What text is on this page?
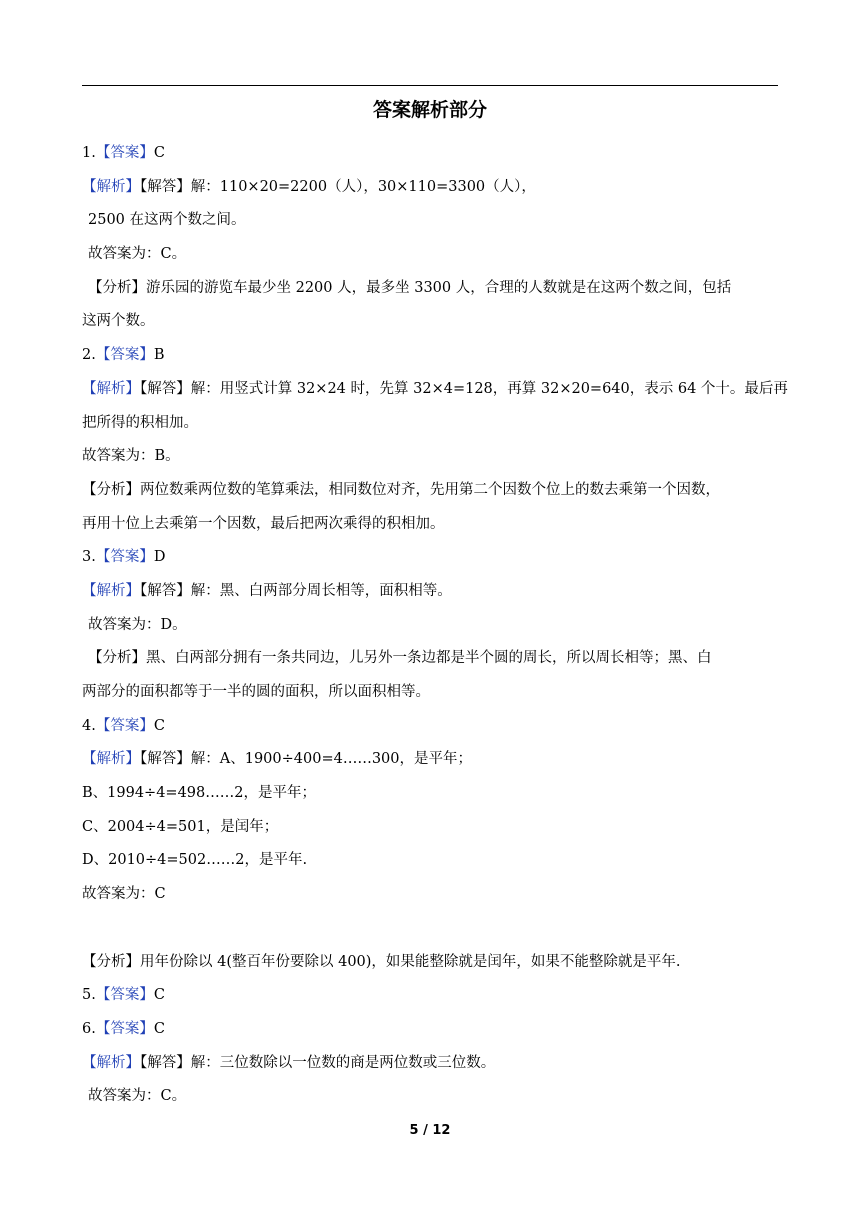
答案解析部分
1.【答案】C
【解析】【解答】解：110×20=2200（人），30×110=3300（人），
2500 在这两个数之间。
故答案为：C。
【分析】游乐园的游览车最少坐 2200 人，最多坐 3300 人，合理的人数就是在这两个数之间，包括
这两个数。
2.【答案】B
【解析】【解答】解：用竖式计算 32×24 时，先算 32×4=128，再算 32×20=640，表示 64 个十。最后再
把所得的积相加。
故答案为：B。
【分析】两位数乘两位数的笔算乘法，相同数位对齐，先用第二个因数个位上的数去乘第一个因数，
再用十位上去乘第一个因数，最后把两次乘得的积相加。
3.【答案】D
【解析】【解答】解：黑、白两部分周长相等，面积相等。
故答案为：D。
【分析】黑、白两部分拥有一条共同边，儿另外一条边都是半个圆的周长，所以周长相等；黑、白
两部分的面积都等于一半的圆的面积，所以面积相等。
4.【答案】C
【解析】【解答】解：A、1900÷400=4……300，是平年；
B、1994÷4=498……2，是平年；
C、2004÷4=501，是闰年；
D、2010÷4=502……2，是平年.
故答案为：C
【分析】用年份除以 4(整百年份要除以 400)，如果能整除就是闰年，如果不能整除就是平年.
5.【答案】C
6.【答案】C
【解析】【解答】解：三位数除以一位数的商是两位数或三位数。
故答案为：C。
5 / 12
